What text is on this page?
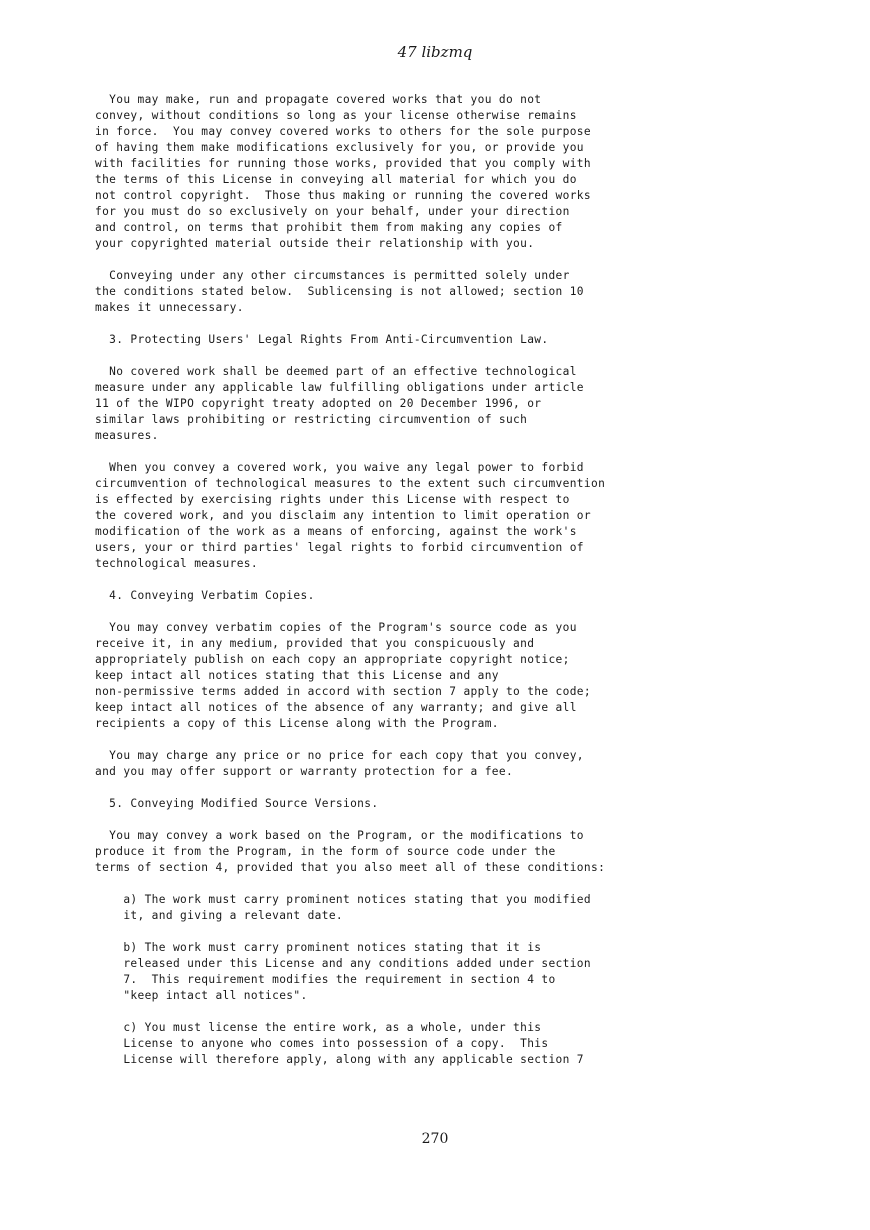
47 libzmq
You may make, run and propagate covered works that you do not
convey, without conditions so long as your license otherwise remains
in force.  You may convey covered works to others for the sole purpose
of having them make modifications exclusively for you, or provide you
with facilities for running those works, provided that you comply with
the terms of this License in conveying all material for which you do
not control copyright.  Those thus making or running the covered works
for you must do so exclusively on your behalf, under your direction
and control, on terms that prohibit them from making any copies of
your copyrighted material outside their relationship with you.
Conveying under any other circumstances is permitted solely under
the conditions stated below.  Sublicensing is not allowed; section 10
makes it unnecessary.
3. Protecting Users' Legal Rights From Anti-Circumvention Law.
No covered work shall be deemed part of an effective technological
measure under any applicable law fulfilling obligations under article
11 of the WIPO copyright treaty adopted on 20 December 1996, or
similar laws prohibiting or restricting circumvention of such
measures.
When you convey a covered work, you waive any legal power to forbid
circumvention of technological measures to the extent such circumvention
is effected by exercising rights under this License with respect to
the covered work, and you disclaim any intention to limit operation or
modification of the work as a means of enforcing, against the work's
users, your or third parties' legal rights to forbid circumvention of
technological measures.
4. Conveying Verbatim Copies.
You may convey verbatim copies of the Program's source code as you
receive it, in any medium, provided that you conspicuously and
appropriately publish on each copy an appropriate copyright notice;
keep intact all notices stating that this License and any
non-permissive terms added in accord with section 7 apply to the code;
keep intact all notices of the absence of any warranty; and give all
recipients a copy of this License along with the Program.
You may charge any price or no price for each copy that you convey,
and you may offer support or warranty protection for a fee.
5. Conveying Modified Source Versions.
You may convey a work based on the Program, or the modifications to
produce it from the Program, in the form of source code under the
terms of section 4, provided that you also meet all of these conditions:
a) The work must carry prominent notices stating that you modified
it, and giving a relevant date.
b) The work must carry prominent notices stating that it is
released under this License and any conditions added under section
7.  This requirement modifies the requirement in section 4 to
"keep intact all notices".
c) You must license the entire work, as a whole, under this
License to anyone who comes into possession of a copy.  This
License will therefore apply, along with any applicable section 7
270
